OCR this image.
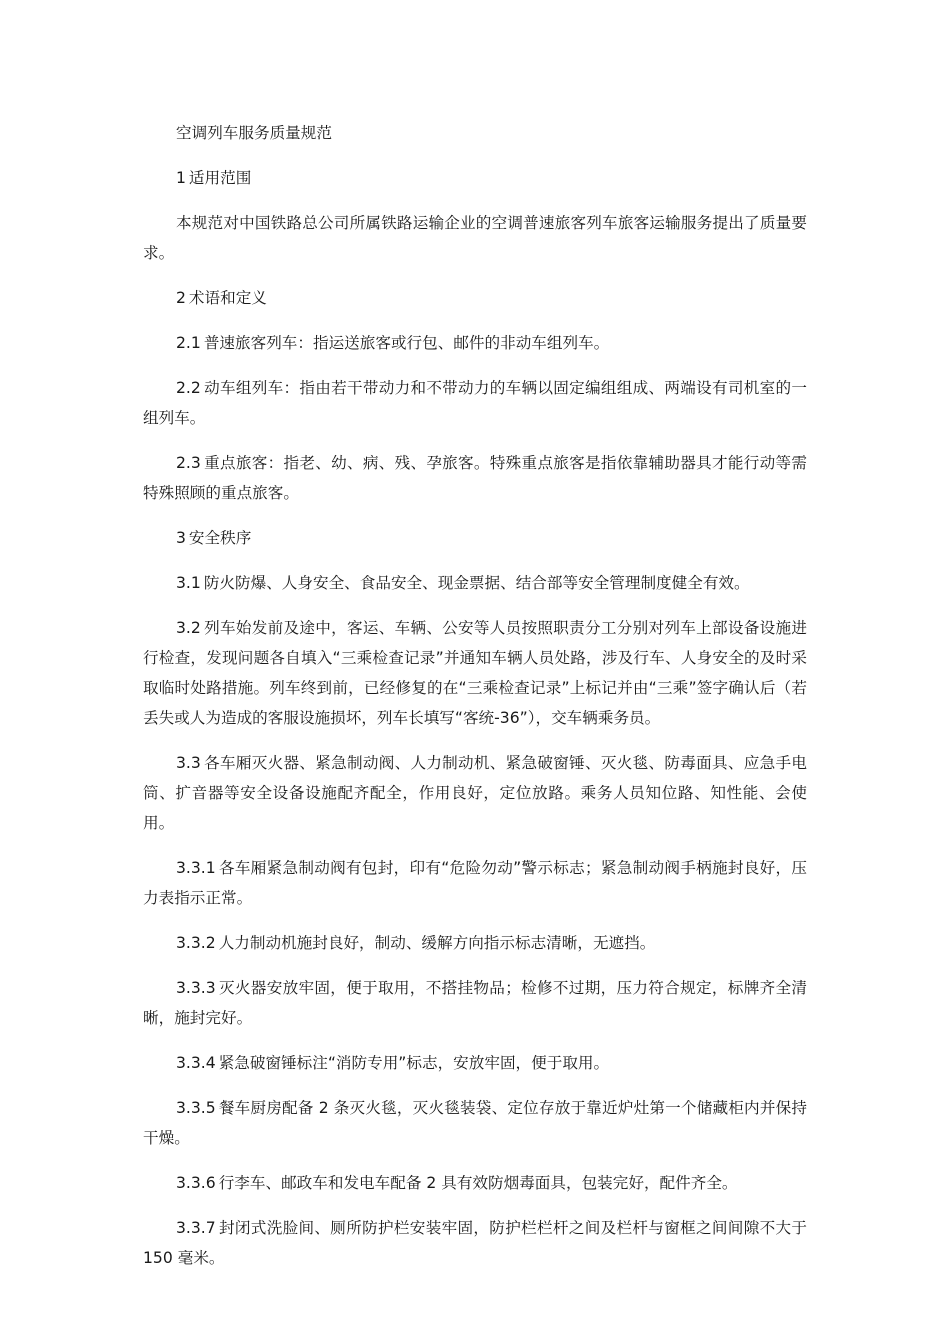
空调列车服务质量规范

1 适用范围

本规范对中国铁路总公司所属铁路运输企业的空调普速旅客列车旅客运输服务提出了质量要求。

2 术语和定义

2.1 普速旅客列车：指运送旅客或行包、邮件的非动车组列车。

2.2 动车组列车：指由若干带动力和不带动力的车辆以固定编组组成、两端设有司机室的一组列车。

2.3 重点旅客：指老、幼、病、残、孕旅客。特殊重点旅客是指依靠辅助器具才能行动等需特殊照顾的重点旅客。

3 安全秩序

3.1 防火防爆、人身安全、食品安全、现金票据、结合部等安全管理制度健全有效。

3.2 列车始发前及途中，客运、车辆、公安等人员按照职责分工分别对列车上部设备设施进行检查，发现问题各自填入“三乘检查记录”并通知车辆人员处路，涉及行车、人身安全的及时采取临时处路措施。列车终到前，已经修复的在“三乘检查记录”上标记并由“三乘”签字确认后（若丢失或人为造成的客服设施损坏，列车长填写“客统-36”），交车辆乘务员。

3.3 各车厢灭火器、紧急制动阀、人力制动机、紧急破窗锤、灭火毯、防毒面具、应急手电筒、扩音器等安全设备设施配齐配全，作用良好，定位放路。乘务人员知位路、知性能、会使用。

3.3.1 各车厢紧急制动阀有包封，印有“危险勿动”警示标志；紧急制动阀手柄施封良好，压力表指示正常。

3.3.2 人力制动机施封良好，制动、缓解方向指示标志清晰，无遮挡。

3.3.3 灭火器安放牢固，便于取用，不搭挂物品；检修不过期，压力符合规定，标牌齐全清晰，施封完好。

3.3.4 紧急破窗锤标注“消防专用”标志，安放牢固，便于取用。

3.3.5 餐车厨房配备 2 条灭火毯，灭火毯装袋、定位存放于靠近炉灶第一个储藏柜内并保持干燥。

3.3.6 行李车、邮政车和发电车配备 2 具有效防烟毒面具，包装完好，配件齐全。

3.3.7 封闭式洗脸间、厕所防护栏安装牢固，防护栏栏杆之间及栏杆与窗框之间间隙不大于 150 毫米。
